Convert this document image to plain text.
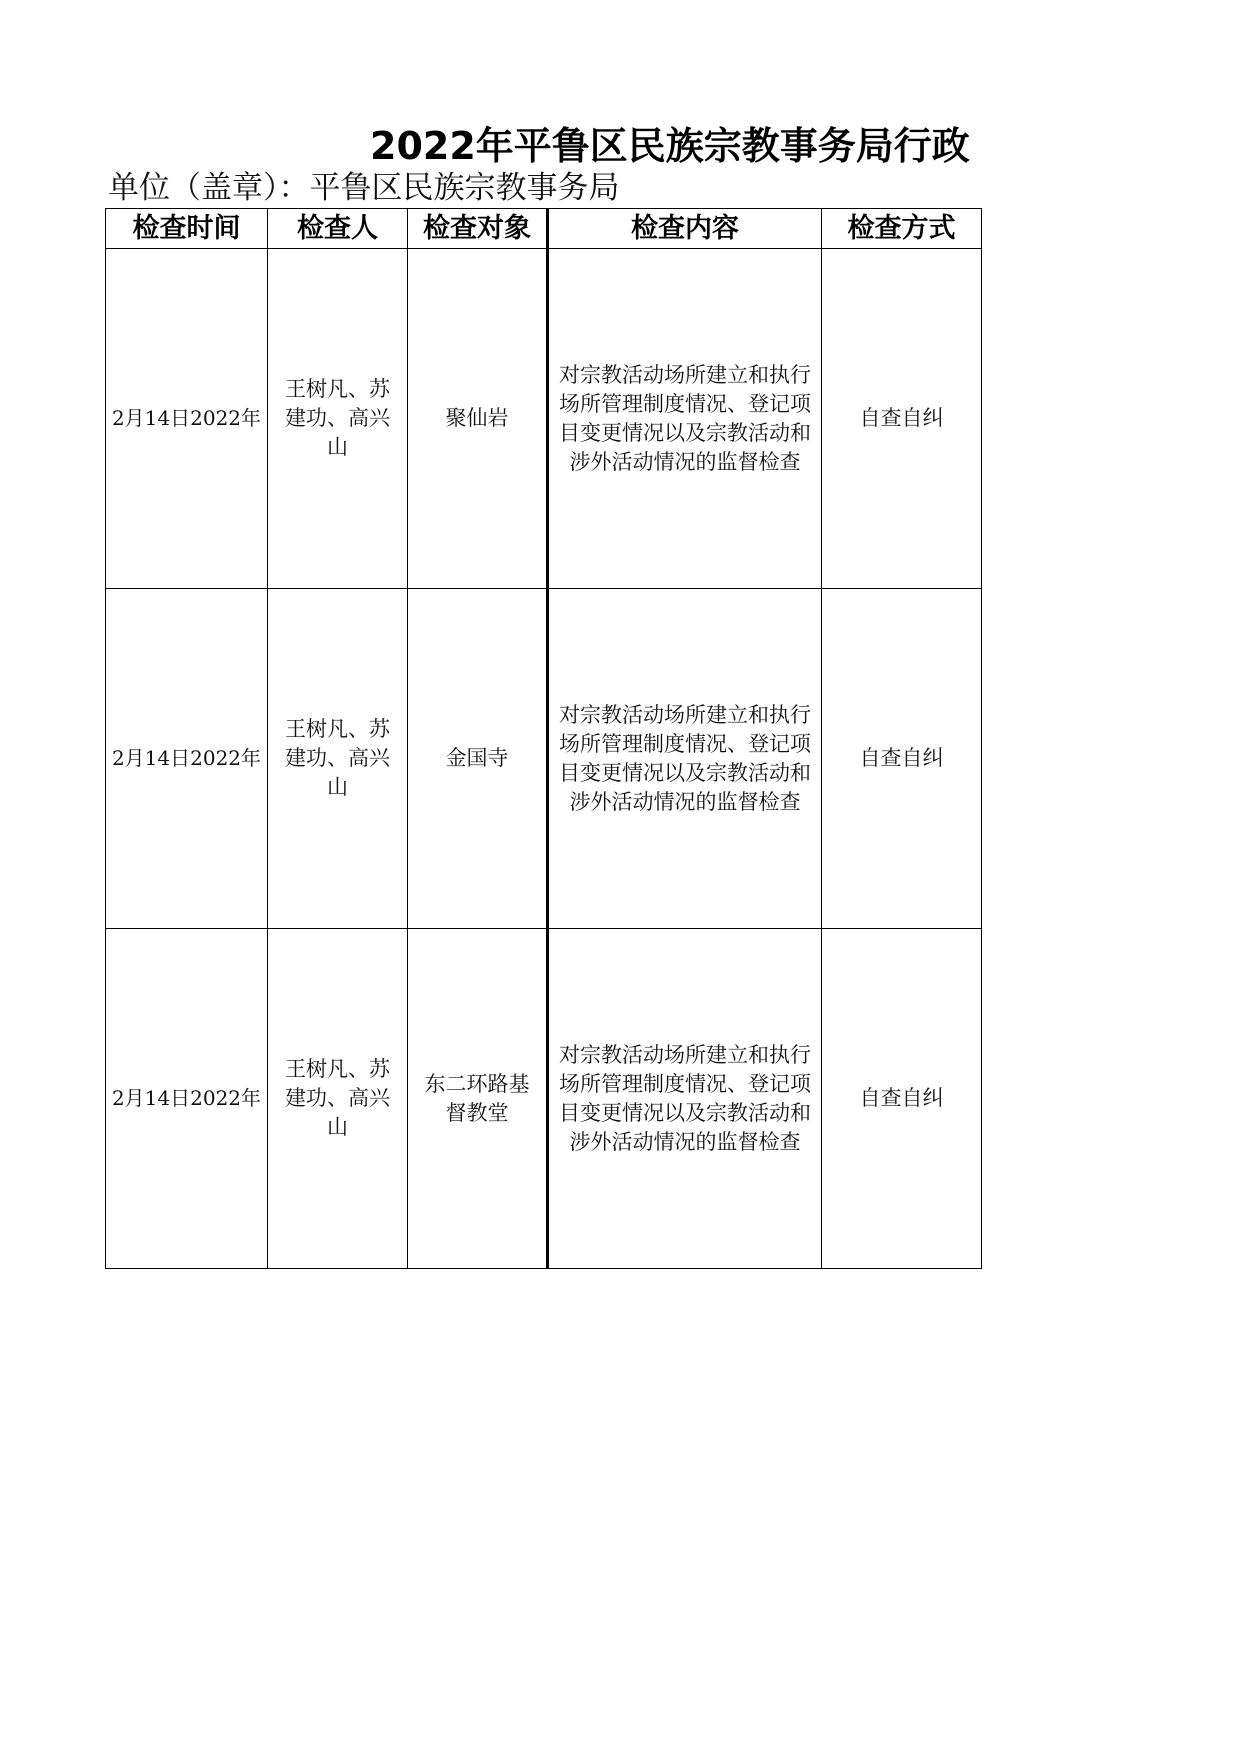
2022年平鲁区民族宗教事务局行政
单位（盖章）：平鲁区民族宗教事务局
检查时间	检查人	检查对象	检查内容	检查方式
2月14日2022年	王树凡、苏建功、高兴山	聚仙岩	对宗教活动场所建立和执行场所管理制度情况、登记项目变更情况以及宗教活动和涉外活动情况的监督检查	自查自纠
2月14日2022年	王树凡、苏建功、高兴山	金国寺	对宗教活动场所建立和执行场所管理制度情况、登记项目变更情况以及宗教活动和涉外活动情况的监督检查	自查自纠
2月14日2022年	王树凡、苏建功、高兴山	东二环路基督教堂	对宗教活动场所建立和执行场所管理制度情况、登记项目变更情况以及宗教活动和涉外活动情况的监督检查	自查自纠
